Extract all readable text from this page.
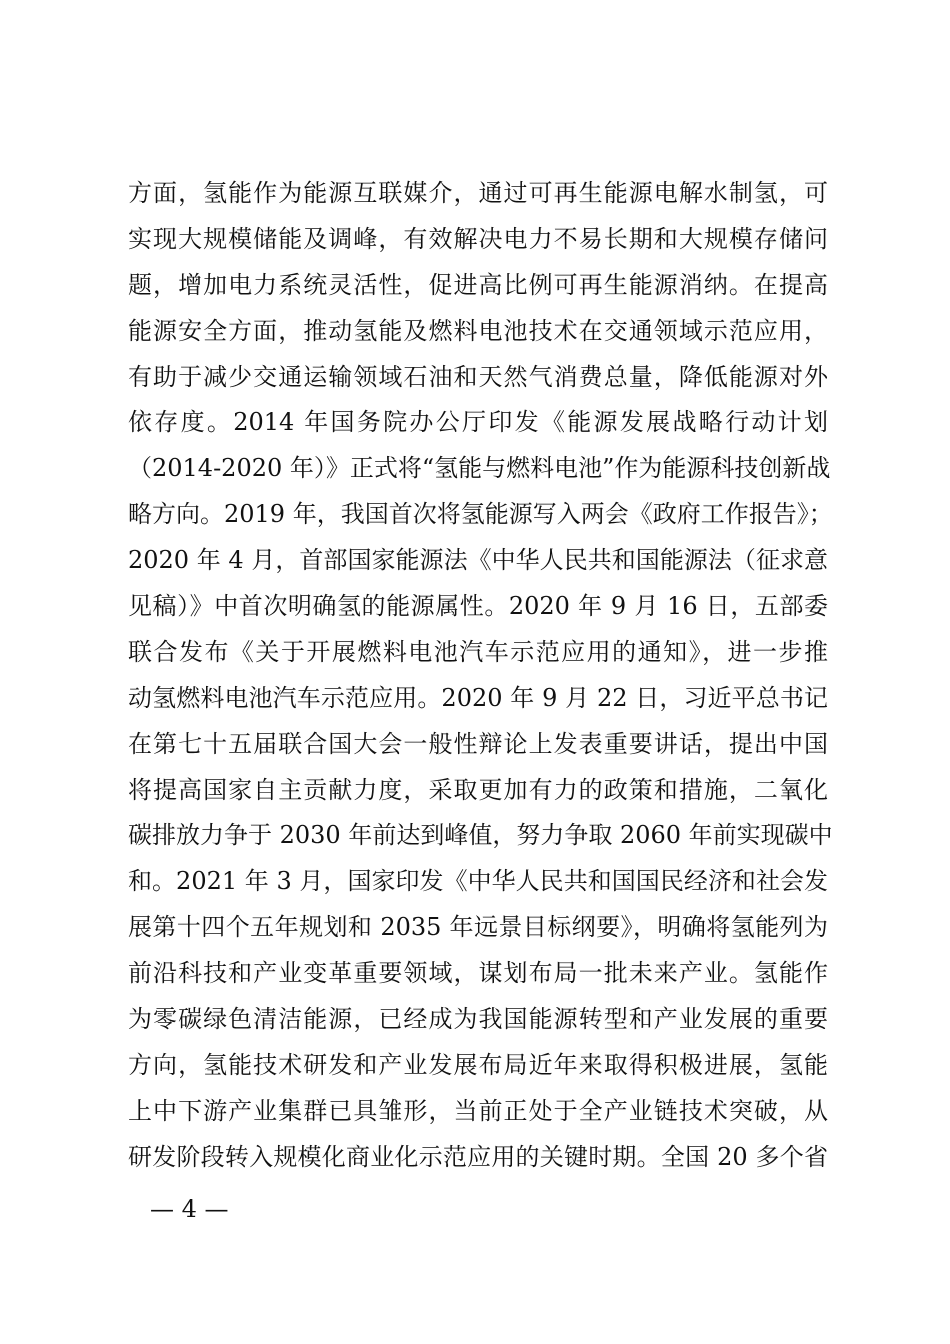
方面，氢能作为能源互联媒介，通过可再生能源电解水制氢，可
实现大规模储能及调峰，有效解决电力不易长期和大规模存储问
题，增加电力系统灵活性，促进高比例可再生能源消纳。在提高
能源安全方面，推动氢能及燃料电池技术在交通领域示范应用，
有助于减少交通运输领域石油和天然气消费总量，降低能源对外
依存度。2014 年国务院办公厅印发《能源发展战略行动计划
（2014-2020 年）》正式将“氢能与燃料电池”作为能源科技创新战
略方向。2019 年，我国首次将氢能源写入两会《政府工作报告》；
2020 年 4 月，首部国家能源法《中华人民共和国能源法（征求意
见稿）》中首次明确氢的能源属性。2020 年 9 月 16 日，五部委
联合发布《关于开展燃料电池汽车示范应用的通知》，进一步推
动氢燃料电池汽车示范应用。2020 年 9 月 22 日，习近平总书记
在第七十五届联合国大会一般性辩论上发表重要讲话，提出中国
将提高国家自主贡献力度，采取更加有力的政策和措施，二氧化
碳排放力争于 2030 年前达到峰值，努力争取 2060 年前实现碳中
和。2021 年 3 月，国家印发《中华人民共和国国民经济和社会发
展第十四个五年规划和 2035 年远景目标纲要》，明确将氢能列为
前沿科技和产业变革重要领域，谋划布局一批未来产业。氢能作
为零碳绿色清洁能源，已经成为我国能源转型和产业发展的重要
方向，氢能技术研发和产业发展布局近年来取得积极进展，氢能
上中下游产业集群已具雏形，当前正处于全产业链技术突破，从
研发阶段转入规模化商业化示范应用的关键时期。全国 20 多个省
— 4 —
